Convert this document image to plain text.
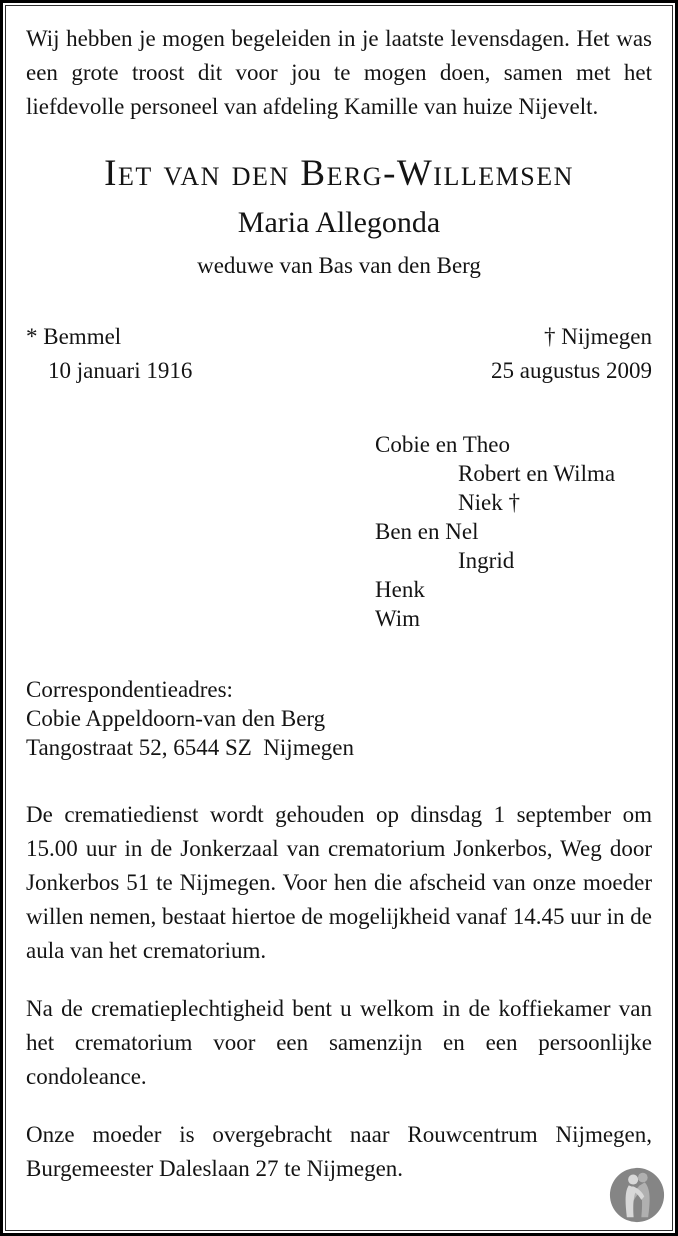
Wij hebben je mogen begeleiden in je laatste levensdagen. Het was een grote troost dit voor jou te mogen doen, samen met het liefdevolle personeel van afdeling Kamille van huize Nijevelt.

Iet van den Berg-Willemsen
Maria Allegonda
weduwe van Bas van den Berg
* Bemmel
10 januari 1916
† Nijmegen
25 augustus 2009
Cobie en Theo
Robert en Wilma
Niek †
Ben en Nel
Ingrid
Henk
Wim
Correspondentieadres:
Cobie Appeldoorn-van den Berg
Tangostraat 52, 6544 SZ  Nijmegen

De crematiedienst wordt gehouden op dinsdag 1 september om 15.00 uur in de Jonkerzaal van crematorium Jonkerbos, Weg door Jonkerbos 51 te Nijmegen. Voor hen die afscheid van onze moeder willen nemen, bestaat hiertoe de mogelijkheid vanaf 14.45 uur in de aula van het crematorium.

Na de crematieplechtigheid bent u welkom in de koffiekamer van het crematorium voor een samenzijn en een persoonlijke condoleance.

Onze moeder is overgebracht naar Rouwcentrum Nijmegen, Burgemeester Daleslaan 27 te Nijmegen.
